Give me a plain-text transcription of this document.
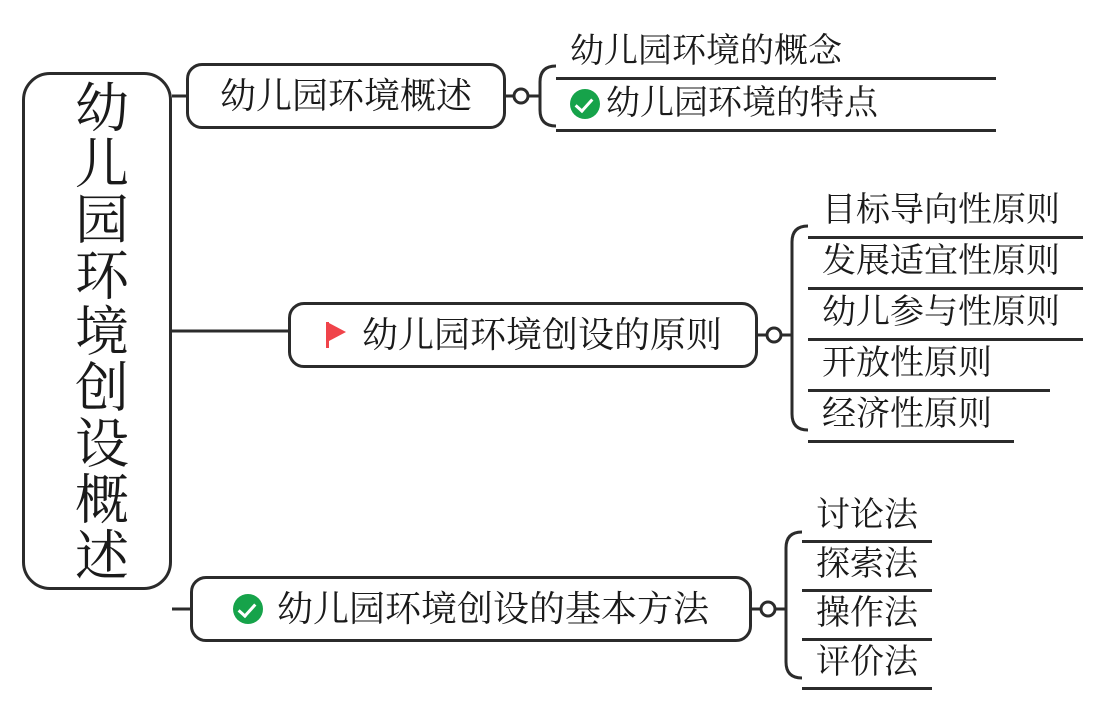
幼儿园环境创设概述	幼儿园环境概述
幼儿园环境的概念
幼儿园环境的特点
幼儿园环境创设的原则
目标导向性原则
发展适宜性原则
幼儿参与性原则
开放性原则
经济性原则
幼儿园环境创设的基本方法
讨论法
探索法
操作法
评价法
